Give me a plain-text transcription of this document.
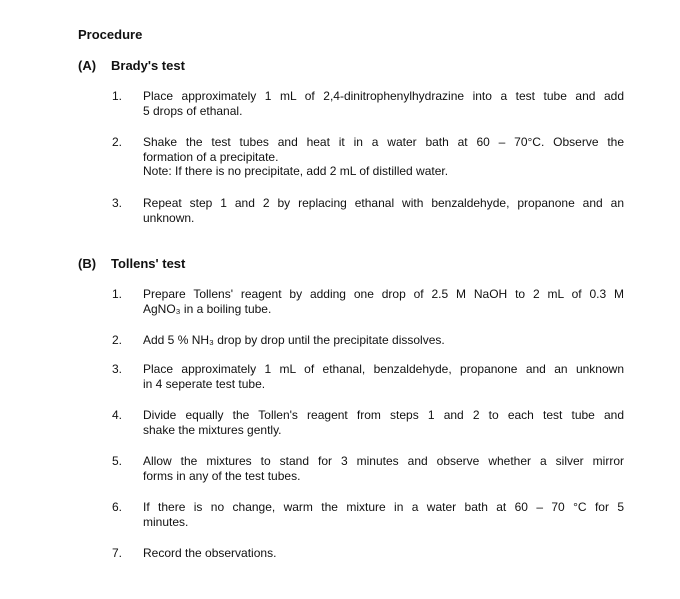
Procedure
(A) Brady's test
1. Place approximately 1 mL of 2,4-dinitrophenylhydrazine into a test tube and add
5 drops of ethanal.
2. Shake the test tubes and heat it in a water bath at 60 – 70°C. Observe the
formation of a precipitate.
Note: If there is no precipitate, add 2 mL of distilled water.
3. Repeat step 1 and 2 by replacing ethanal with benzaldehyde, propanone and an
unknown.
(B) Tollens' test
1. Prepare Tollens' reagent by adding one drop of 2.5 M NaOH to 2 mL of 0.3 M
AgNO₃ in a boiling tube.
2. Add 5 % NH₃ drop by drop until the precipitate dissolves.
3. Place approximately 1 mL of ethanal, benzaldehyde, propanone and an unknown
in 4 seperate test tube.
4. Divide equally the Tollen's reagent from steps 1 and 2 to each test tube and
shake the mixtures gently.
5. Allow the mixtures to stand for 3 minutes and observe whether a silver mirror
forms in any of the test tubes.
6. If there is no change, warm the mixture in a water bath at 60 – 70 °C for 5
minutes.
7. Record the observations.
